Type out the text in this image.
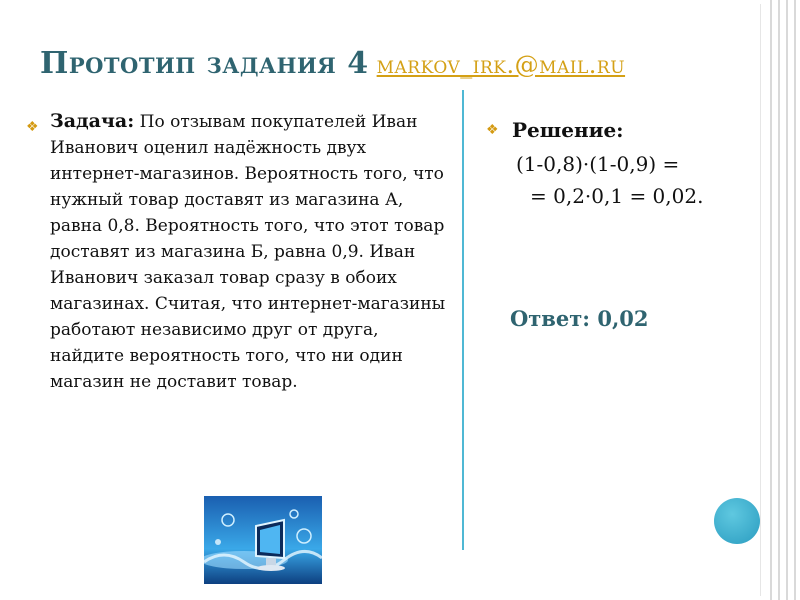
Прототип задания 4 markov_irk.@mail.ru
❖ Задача: По отзывам покупателей Иван Иванович оценил надёжность двух интернет-магазинов. Вероятность того, что нужный товар доставят из магазина А, равна 0,8. Вероятность того, что этот товар доставят из магазина Б, равна 0,9. Иван Иванович заказал товар сразу в обоих магазинах. Считая, что интернет-магазины работают независимо друг от друга, найдите вероятность того, что ни один магазин не доставит товар.
❖ Решение:
(1-0,8)·(1-0,9) =
= 0,2·0,1 = 0,02.
Ответ: 0,02
